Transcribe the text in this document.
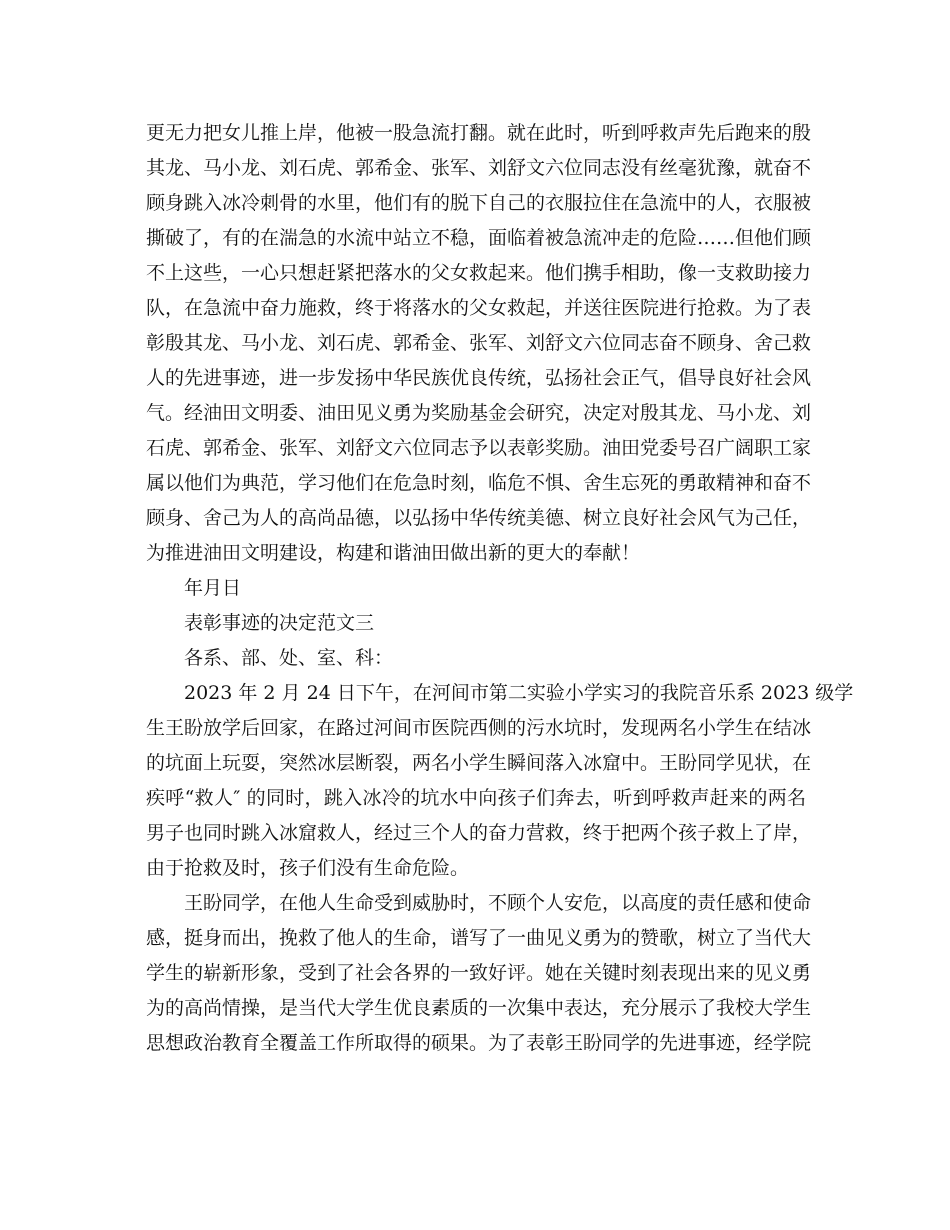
更无力把女儿推上岸，他被一股急流打翻。就在此时，听到呼救声先后跑来的殷
其龙、马小龙、刘石虎、郭希金、张军、刘舒文六位同志没有丝毫犹豫，就奋不
顾身跳入冰冷刺骨的水里，他们有的脱下自己的衣服拉住在急流中的人，衣服被
撕破了，有的在湍急的水流中站立不稳，面临着被急流冲走的危险……但他们顾
不上这些，一心只想赶紧把落水的父女救起来。他们携手相助，像一支救助接力
队，在急流中奋力施救，终于将落水的父女救起，并送往医院进行抢救。为了表
彰殷其龙、马小龙、刘石虎、郭希金、张军、刘舒文六位同志奋不顾身、舍己救
人的先进事迹，进一步发扬中华民族优良传统，弘扬社会正气，倡导良好社会风
气。经油田文明委、油田见义勇为奖励基金会研究，决定对殷其龙、马小龙、刘
石虎、郭希金、张军、刘舒文六位同志予以表彰奖励。油田党委号召广阔职工家
属以他们为典范，学习他们在危急时刻，临危不惧、舍生忘死的勇敢精神和奋不
顾身、舍己为人的高尚品德，以弘扬中华传统美德、树立良好社会风气为己任，
为推进油田文明建设，构建和谐油田做出新的更大的奉献！
年月日
表彰事迹的决定范文三
各系、部、处、室、科：
2023 年 2 月 24 日下午，在河间市第二实验小学实习的我院音乐系 2023 级学
生王盼放学后回家，在路过河间市医院西侧的污水坑时，发现两名小学生在结冰
的坑面上玩耍，突然冰层断裂，两名小学生瞬间落入冰窟中。王盼同学见状，在
疾呼“救人″ 的同时，跳入冰冷的坑水中向孩子们奔去，听到呼救声赶来的两名
男子也同时跳入冰窟救人，经过三个人的奋力营救，终于把两个孩子救上了岸，
由于抢救及时，孩子们没有生命危险。
王盼同学，在他人生命受到威胁时，不顾个人安危，以高度的责任感和使命
感，挺身而出，挽救了他人的生命，谱写了一曲见义勇为的赞歌，树立了当代大
学生的崭新形象，受到了社会各界的一致好评。她在关键时刻表现出来的见义勇
为的高尚情操，是当代大学生优良素质的一次集中表达，充分展示了我校大学生
思想政治教育全覆盖工作所取得的硕果。为了表彰王盼同学的先进事迹，经学院
